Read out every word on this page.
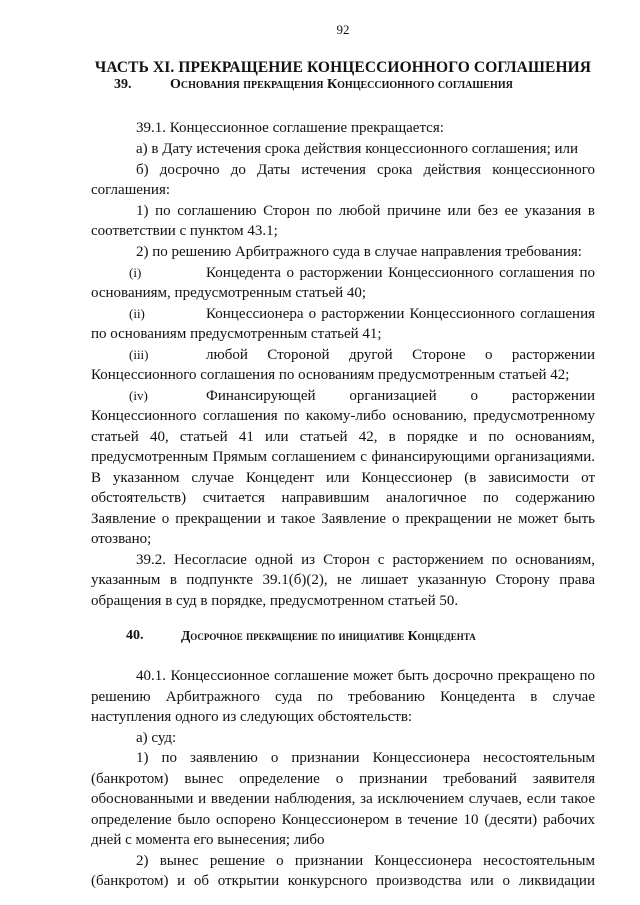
92
ЧАСТЬ XI. ПРЕКРАЩЕНИЕ КОНЦЕССИОННОГО СОГЛАШЕНИЯ
39.	Основания прекращения Концессионного соглашения
39.1. Концессионное соглашение прекращается:
а) в Дату истечения срока действия концессионного соглашения; или
б) досрочно до Даты истечения срока действия концессионного
соглашения:
1) по соглашению Сторон по любой причине или без ее указания в
соответствии с пунктом 43.1;
2) по решению Арбитражного суда в случае направления требования:
(i)	Концедента о расторжении Концессионного соглашения по
основаниям, предусмотренным статьей 40;
(ii)	Концессионера о расторжении Концессионного соглашения
по основаниям предусмотренным статьей 41;
(iii)	любой Стороной другой Стороне о расторжении
Концессионного соглашения по основаниям предусмотренным статьей 42;
(iv)	Финансирующей организацией о расторжении
Концессионного соглашения по какому-либо основанию, предусмотренному
статьей 40, статьей 41 или статьей 42, в порядке и по основаниям,
предусмотренным Прямым соглашением с финансирующими организациями.
В указанном случае Концедент или Концессионер (в зависимости от
обстоятельств) считается направившим аналогичное по содержанию
Заявление о прекращении и такое Заявление о прекращении не может быть
отозвано;
39.2. Несогласие одной из Сторон с расторжением по основаниям,
указанным в подпункте 39.1(б)(2), не лишает указанную Сторону права
обращения в суд в порядке, предусмотренном статьей 50.
40.	Досрочное прекращение по инициативе Концедента
40.1. Концессионное соглашение может быть досрочно прекращено по
решению Арбитражного суда по требованию Концедента в случае
наступления одного из следующих обстоятельств:
а) суд:
1) по заявлению о признании Концессионера несостоятельным
(банкротом) вынес определение о признании требований заявителя
обоснованными и введении наблюдения, за исключением случаев, если такое
определение было оспорено Концессионером в течение 10 (десяти) рабочих
дней с момента его вынесения; либо
2) вынес решение о признании Концессионера несостоятельным
(банкротом) и об открытии конкурсного производства или о ликвидации
